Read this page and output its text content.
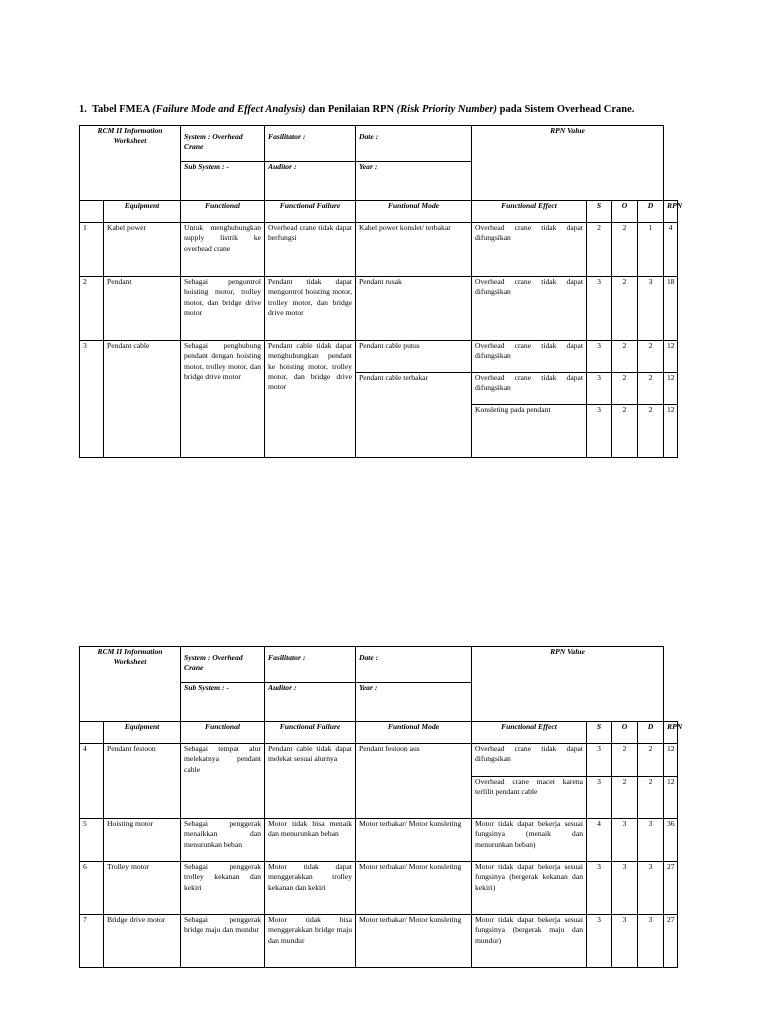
1. Tabel FMEA (Failure Mode and Effect Analysis) dan Penilaian RPN (Risk Priority Number) pada Sistem Overhead Crane.
RCM II Information Worksheet		System : Overhead Crane	Fasilitator :	Date :	RPN Value				
		Sub System : -	Auditor :	Year :					
	Equipment	Functional	Functional Failure	Funtional Mode	Functional Effect	S	O	D	RPN
1	Kabel power	Untuk menghubungkan supply listrik ke overhead crane	Overhead crane tidak dapat berfungsi	Kabel power konslet/ terbakar	Overhead crane tidak dapat difungsikan	2	2	1	4
2	Pendant	Sebagai pengontrol hoisting motor, trolley motor, dan bridge drive motor	Pendant tidak dapat mengontrol hoisting motor, trolley motor, dan bridge drive motor	Pendant rusak	Overhead crane tidak dapat difungsikan	3	2	3	18
3	Pendant cable	Sebagai penghubung pendant dengan hoisting motor, trolley motor, dan bridge drive motor	Pendant cable tidak dapat menghubungkan pendant ke hoisting motor, trolley motor, dan bridge drive motor	Pendant cable putus	Overhead crane tidak dapat difungsikan	3	2	2	12
				Pendant cable terbakar	Overhead crane tidak dapat difungsikan	3	2	2	12
					Konsleting pada pendant	3	2	2	12
RCM II Information Worksheet		System : Overhead Crane	Fasilitator :	Date :	RPN Value				
		Sub System : -	Auditor :	Year :					
	Equipment	Functional	Functional Failure	Funtional Mode	Functional Effect	S	O	D	RPN
4	Pendant festoon	Sebagai tempat alur melekatnya pendant cable	Pendant cable tidak dapat melekat sesuai alurnya	Pendant festoon aus	Overhead crane tidak dapat difungsikan	3	2	2	12
					Overhead crane macet karena terlilit pendant cable	3	2	2	12
5	Hoisting motor	Sebagai penggerak menaikkan dan menurunkan beban	Motor tidak bisa menaik dan menurunkan beban	Motor terbakar/ Motor konsleting	Motor tidak dapat bekerja sesuai fungsinya (menaik dan menurunkan beban)	4	3	3	36
6	Trolley motor	Sebagai penggerak trolley kekanan dan kekiri	Motor tidak dapat menggerakkan trolley kekanan dan kekiri	Motor terbakar/ Motor konsleting	Motor tidak dapat bekerja sesuai fungsinya (bergerak kekanan dan kekiri)	3	3	3	27
7	Bridge drive motor	Sebagai penggerak bridge maju dan mundur	Motor tidak bisa menggerakkan bridge maju dan mundur	Motor terbakar/ Motor konsleting	Motor tidak dapat bekerja sesuai fungsinya (bergerak maju dan mundur)	3	3	3	27
